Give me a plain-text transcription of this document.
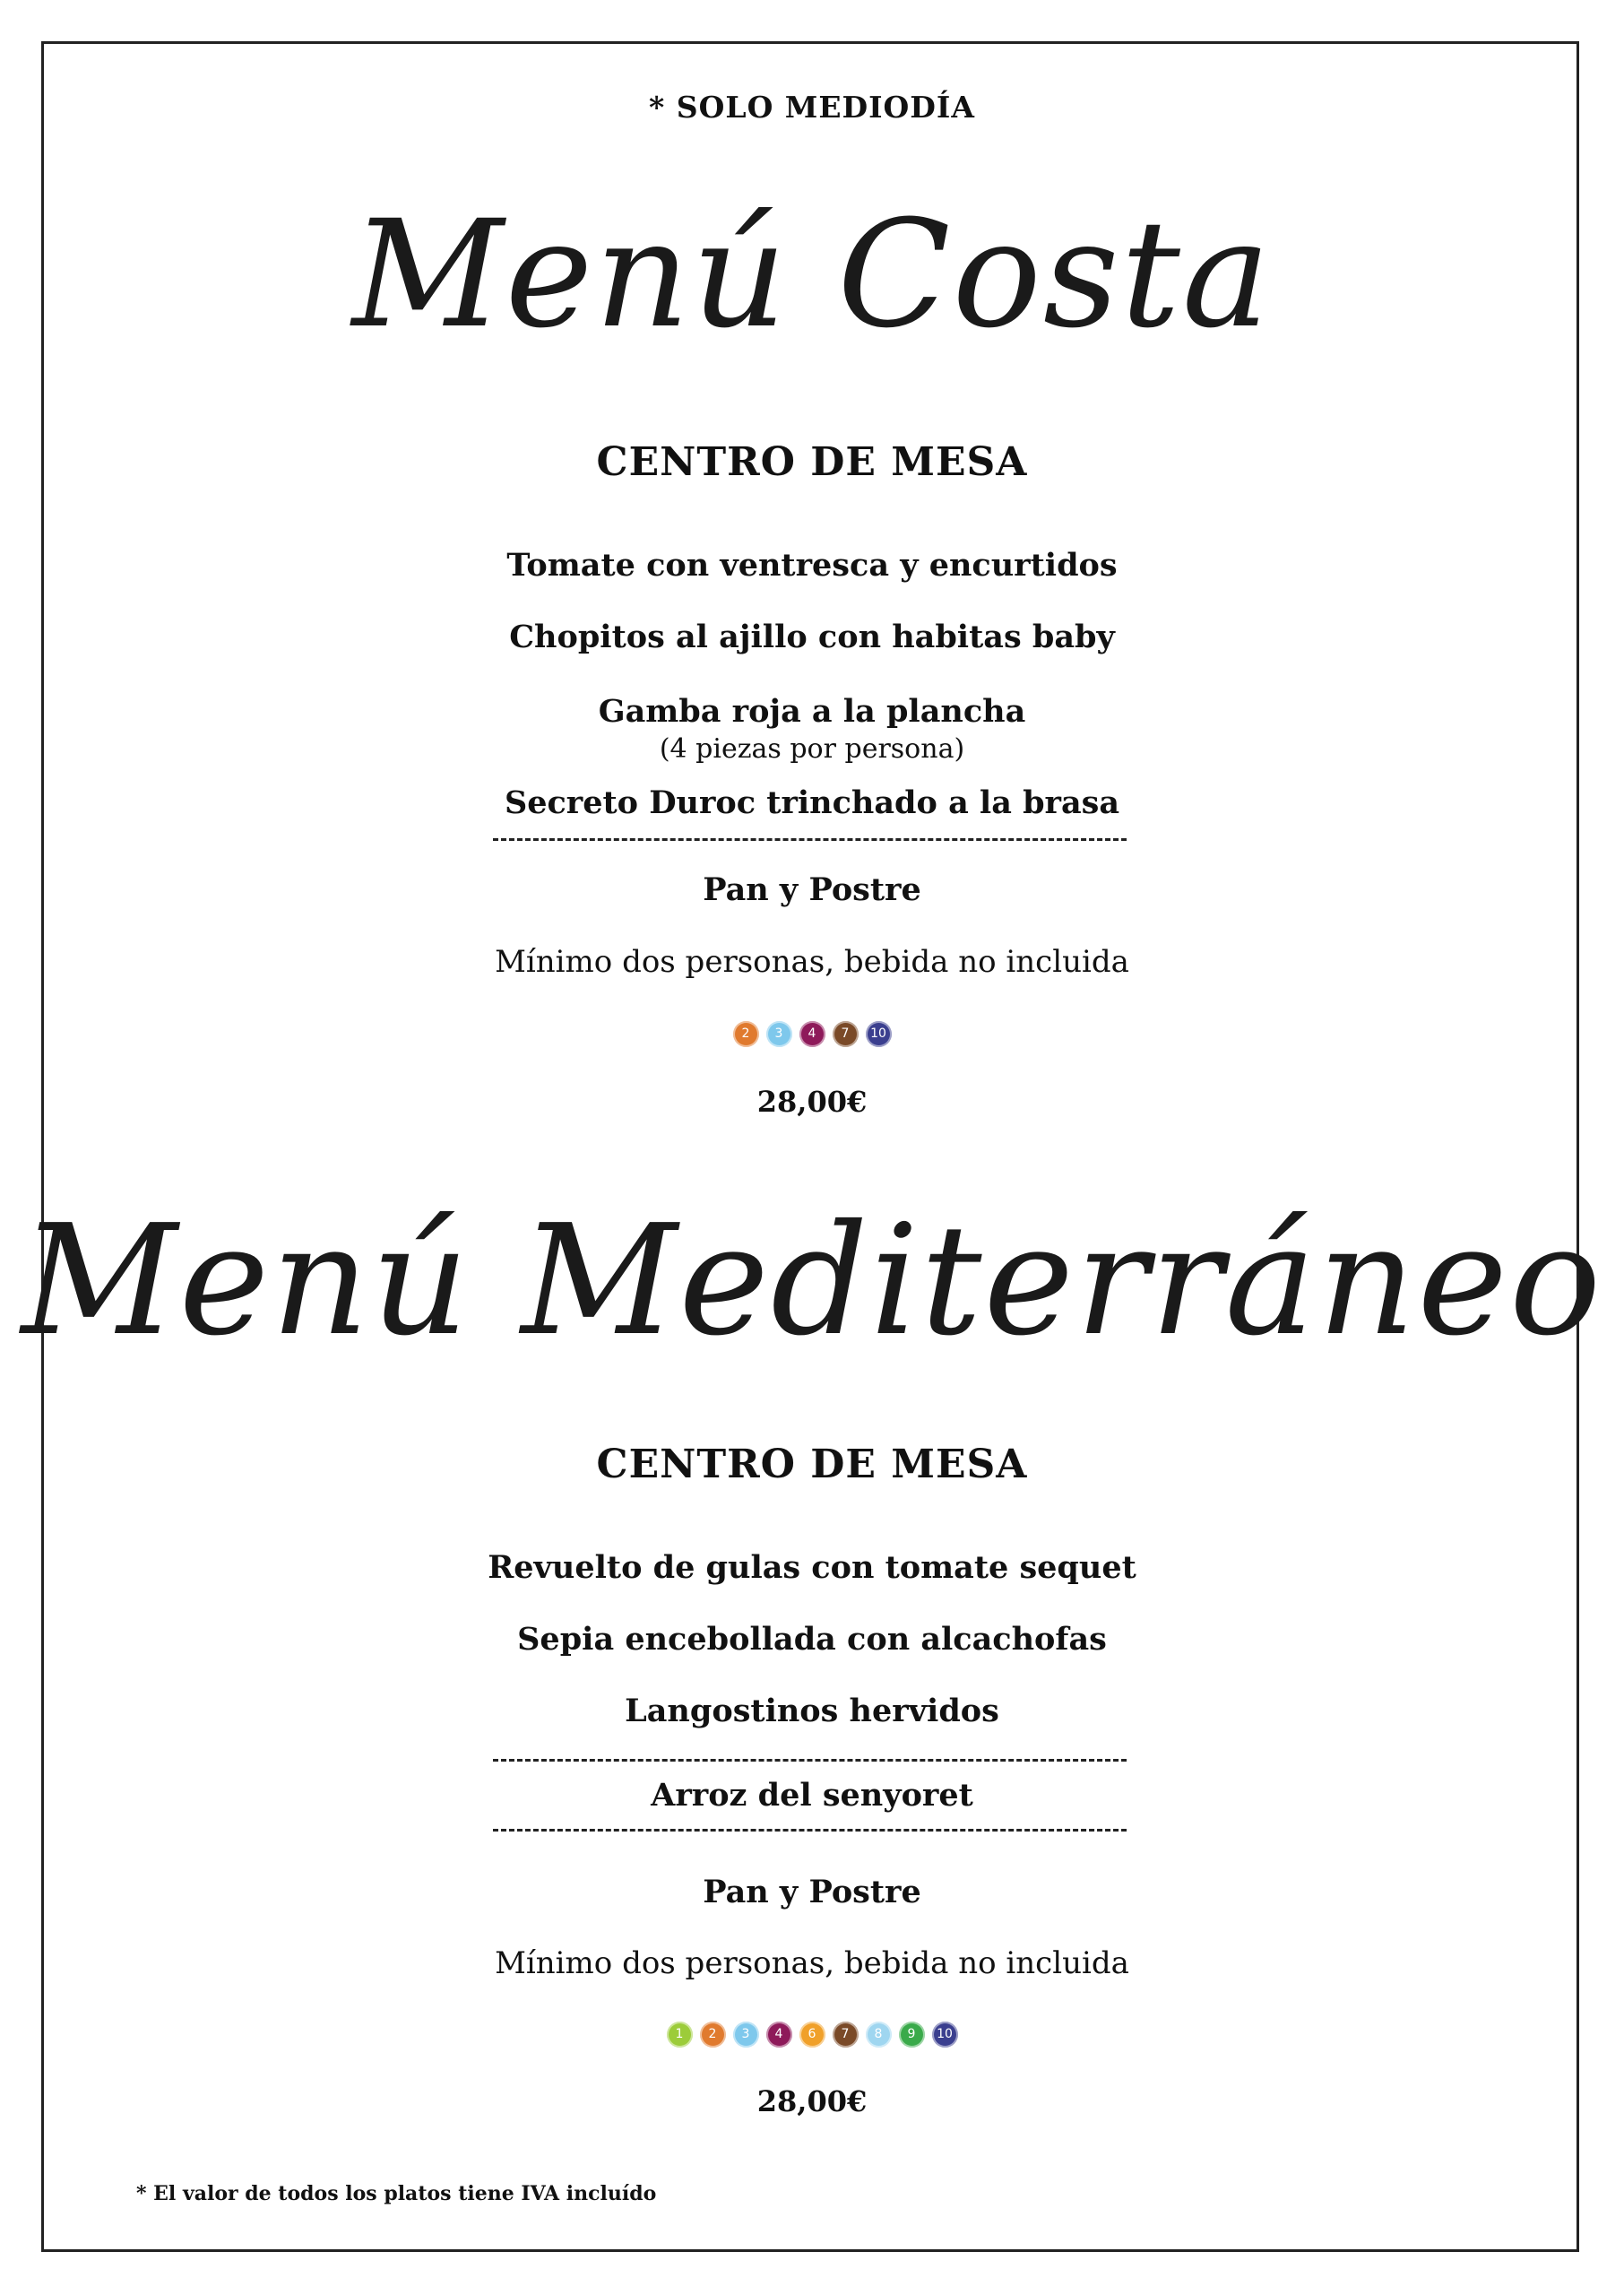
* SOLO MEDIODÍA
Menú Costa
CENTRO DE MESA
Tomate con ventresca y encurtidos
Chopitos al ajillo con habitas baby
Gamba roja a la plancha
(4 piezas por persona)
Secreto Duroc trinchado a la brasa
Pan y Postre
Mínimo dos personas, bebida no incluida
2	3	4	7	10
28,00€
Menú Mediterráneo
CENTRO DE MESA
Revuelto de gulas con tomate sequet
Sepia encebollada con alcachofas
Langostinos hervidos
Arroz del senyoret
Pan y Postre
Mínimo dos personas, bebida no incluida
1	2	3	4	6	7	8	9	10
28,00€
* El valor de todos los platos tiene IVA incluído
